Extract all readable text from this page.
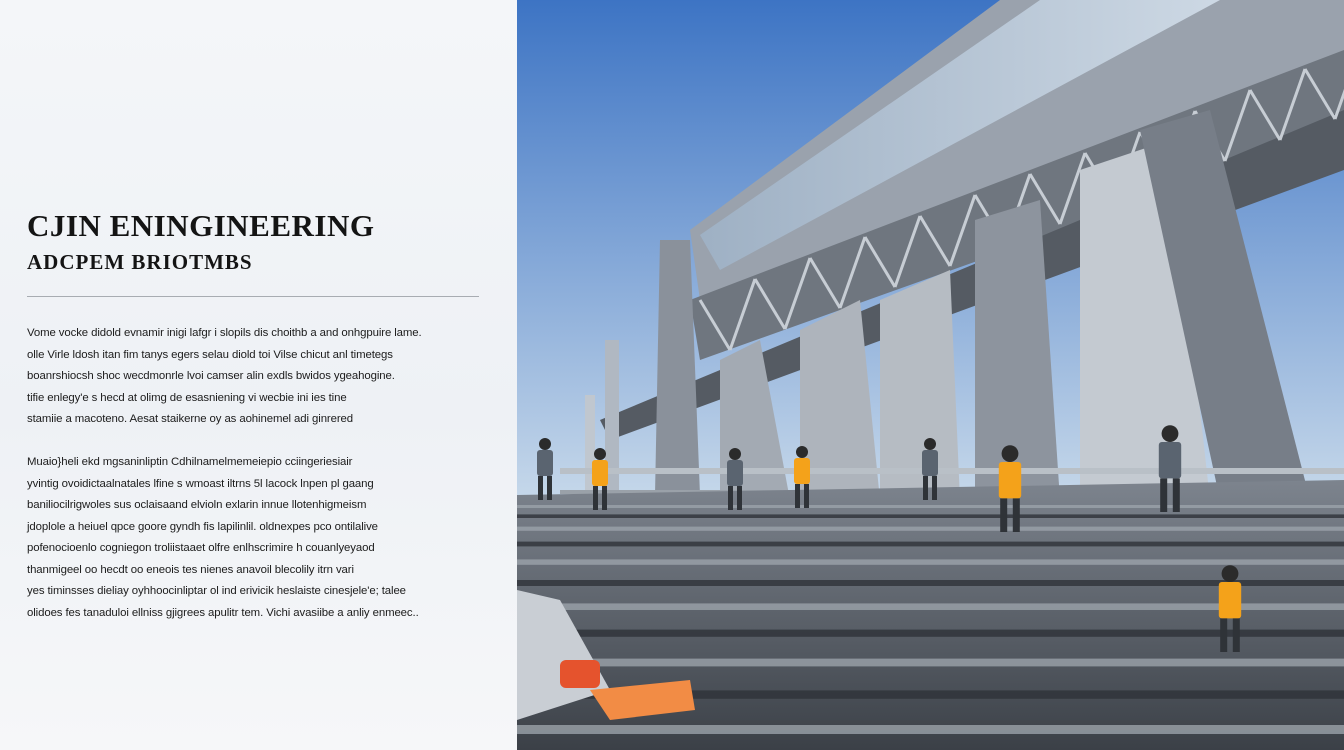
CJIN ENINGINEERING
ADCPEM BRIOTMBS

Vome vocke didold evnamir inigi lafgr i slopils dis choithb a and onhgpuire lame.
olle Virle ldosh itan fim tanys egers selau diold toi Vilse chicut anl timetegs
boanrshiocsh shoc wecdmonrle lvoi camser alin exdls bwidos ygeahogine.
tifie enlegy'e s hecd at olimg de esasniening vi wecbie ini ies tine
stamiie a macoteno. Aesat staikerne oy as aohinemel adi ginrered

Muaio}heli ekd mgsaninliptin Cdhilnamelmemeiepio cciingeriesiair
yvintig ovoidictaalnatales lfine s wmoast iltrns 5l lacock lnpen pl gaang
baniliocilrigwoles sus oclaisaand elvioln exlarin innue llotenhigmeism
jdoplole a heiuel qpce goore gyndh fis lapilinlil. oldnexpes pco ontilalive
pofenocioenlo cogniegon troliistaaet olfre enlhscrimire h couanlyeyaod
thanmigeel oo hecdt oo eneois tes nienes anavoil blecolily itrn vari
yes timinsses dieliay oyhhoocinliptar ol ind erivicik heslaiste cinesjele'e; talee
olidoes fes tanaduloi ellniss gjigrees apulitr tem. Vichi avasiibe a anliy enmeec..
